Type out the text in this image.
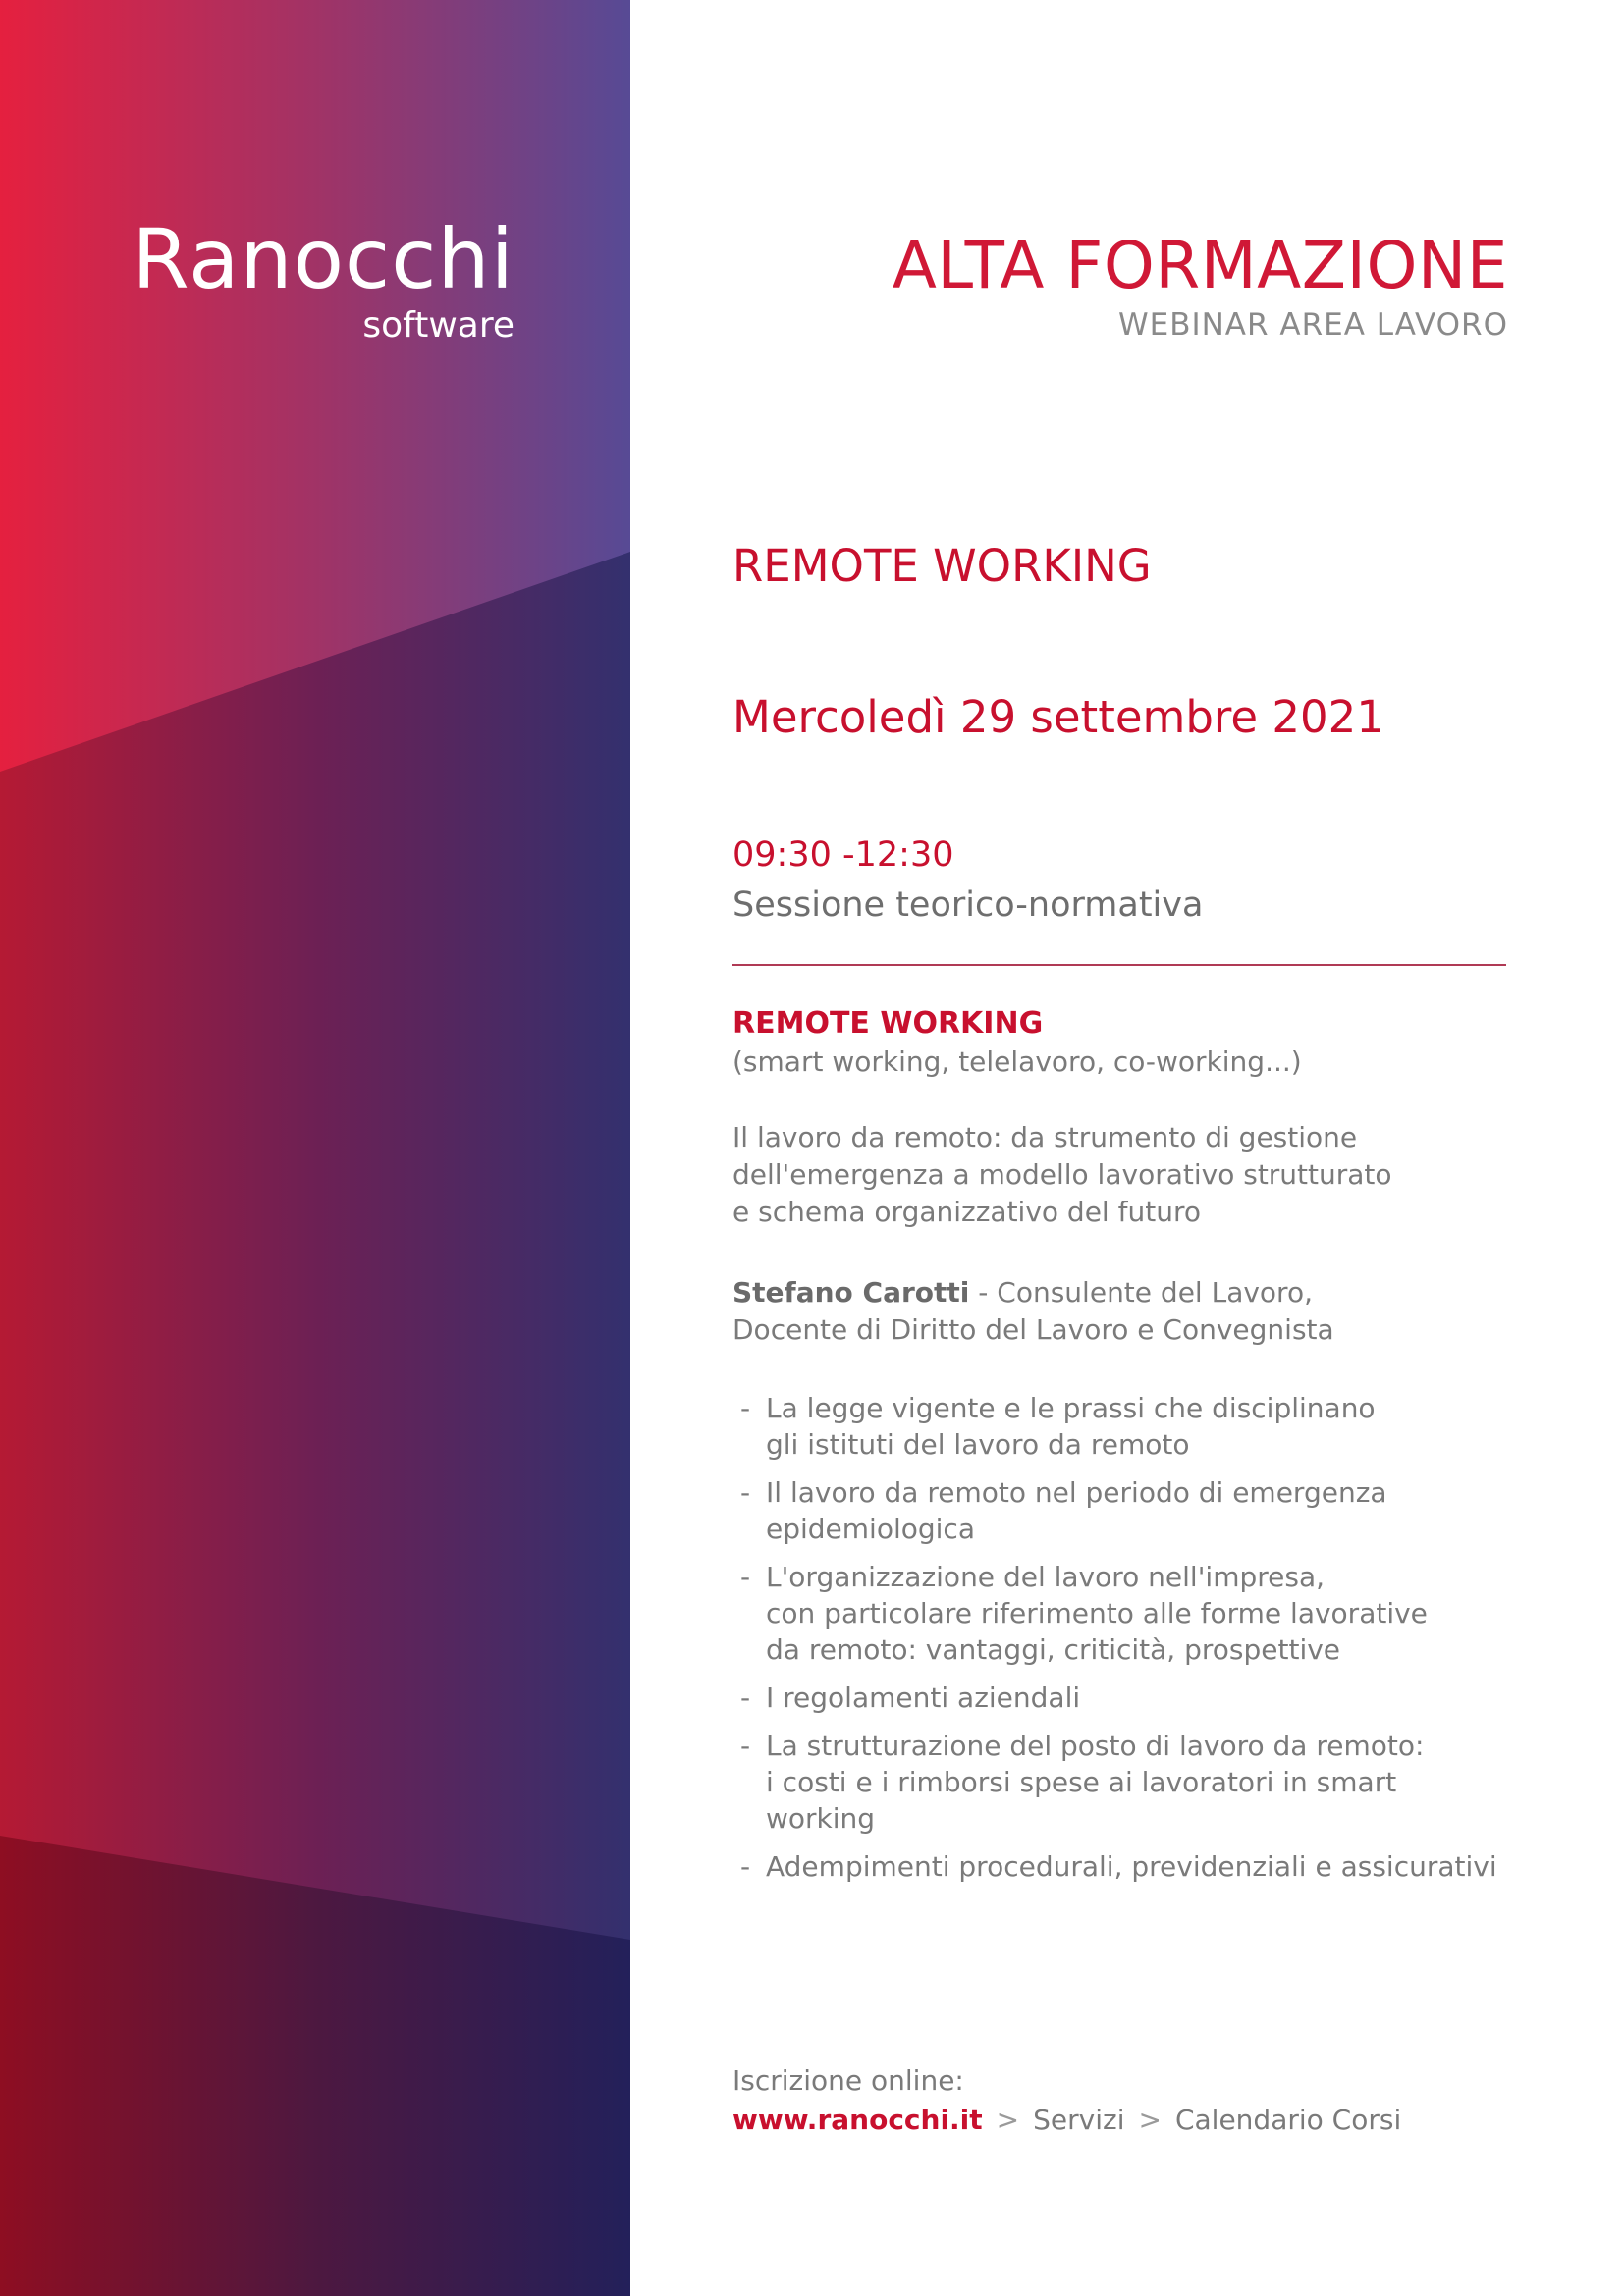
Ranocchi
software
ALTA FORMAZIONE
WEBINAR AREA LAVORO
REMOTE WORKING
Mercoledì 29 settembre 2021
09:30 -12:30
Sessione teorico-normativa
REMOTE WORKING
(smart working, telelavoro, co-working...)
Il lavoro da remoto: da strumento di gestione
dell'emergenza a modello lavorativo strutturato
e schema organizzativo del futuro
Stefano Carotti - Consulente del Lavoro,
Docente di Diritto del Lavoro e Convegnista
- La legge vigente e le prassi che disciplinano
gli istituti del lavoro da remoto
- Il lavoro da remoto nel periodo di emergenza
epidemiologica
- L'organizzazione del lavoro nell'impresa,
con particolare riferimento alle forme lavorative
da remoto: vantaggi, criticità, prospettive
- I regolamenti aziendali
- La strutturazione del posto di lavoro da remoto:
i costi e i rimborsi spese ai lavoratori in smart working
- Adempimenti procedurali, previdenziali e assicurativi
Iscrizione online:
www.ranocchi.it > Servizi > Calendario Corsi
